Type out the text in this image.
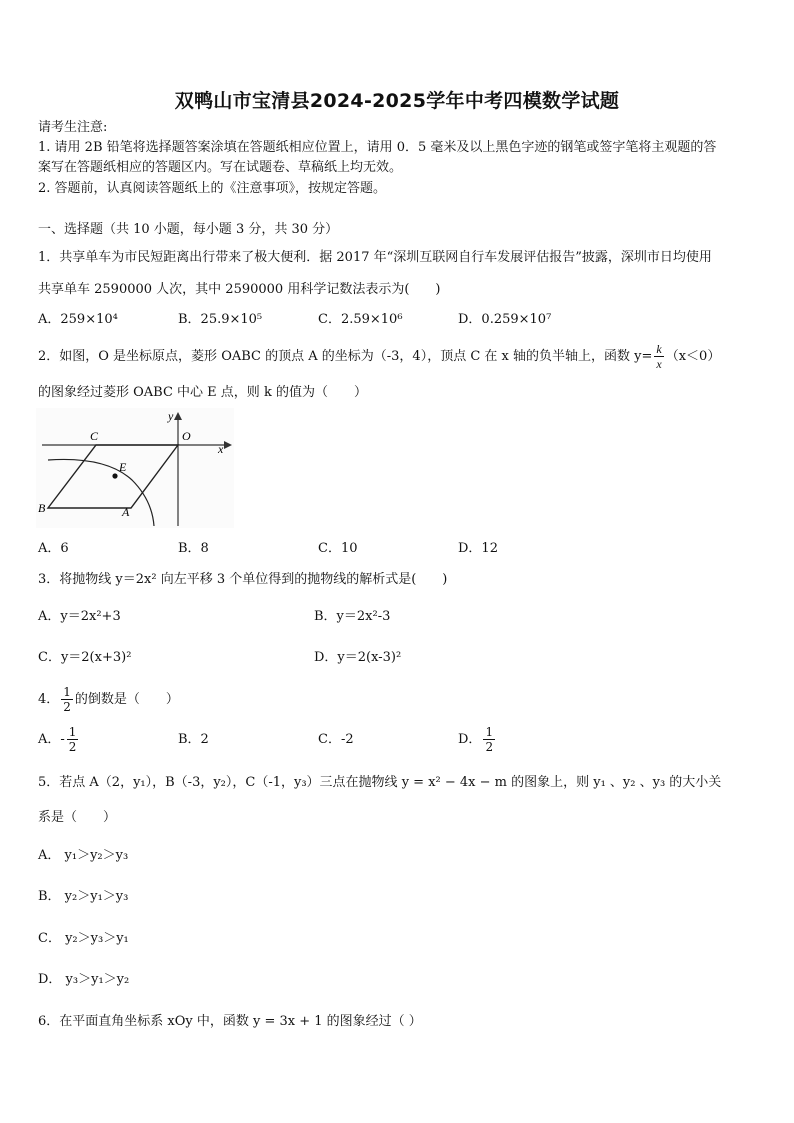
双鸭山市宝清县2024-2025学年中考四模数学试题
请考生注意:
1. 请用 2B 铅笔将选择题答案涂填在答题纸相应位置上，请用 0．5 毫米及以上黑色字迹的钢笔或签字笔将主观题的答
案写在答题纸相应的答题区内。写在试题卷、草稿纸上均无效。
2. 答题前，认真阅读答题纸上的《注意事项》，按规定答题。
一、选择题（共 10 小题，每小题 3 分，共 30 分）
1．共享单车为市民短距离出行带来了极大便利．据 2017 年“深圳互联网自行车发展评估报告”披露，深圳市日均使用
共享单车 2590000 人次，其中 2590000 用科学记数法表示为(　　)
A．259×10⁴	B．25.9×10⁵	C．2.59×10⁶	D．0.259×10⁷
2．如图，O 是坐标原点，菱形 OABC 的顶点 A 的坐标为（-3，4），顶点 C 在 x 轴的负半轴上，函数 $y= \frac{k}{x} (x<0)$
的图象经过菱形 OABC 中心 E 点，则 k 的值为（　　）
y
O
x
C
E
B	A
A．6	B．8	C．10	D．12
3．将抛物线 y＝2x² 向左平移 3 个单位得到的抛物线的解析式是(　　)
A．y＝2x²+3	B．y＝2x²-3
C．y＝2(x+3)²	D．y＝2(x-3)²
4． $\frac{1}{2}$ 的倒数是（　　）
A．- $\frac{1}{2}$	B．2	C．-2	D． $\frac{1}{2}$
5．若点 A（2，y₁），B（-3，y₂），C（-1，y₃）三点在抛物线 y = x² − 4x − m 的图象上，则 y₁ 、y₂ 、y₃ 的大小关
系是（　　）
A． y₁＞y₂＞y₃
B． y₂＞y₁＞y₃
C． y₂＞y₃＞y₁
D． y₃＞y₁＞y₂
6．在平面直角坐标系 xOy 中，函数 y = 3x + 1 的图象经过（ ）
